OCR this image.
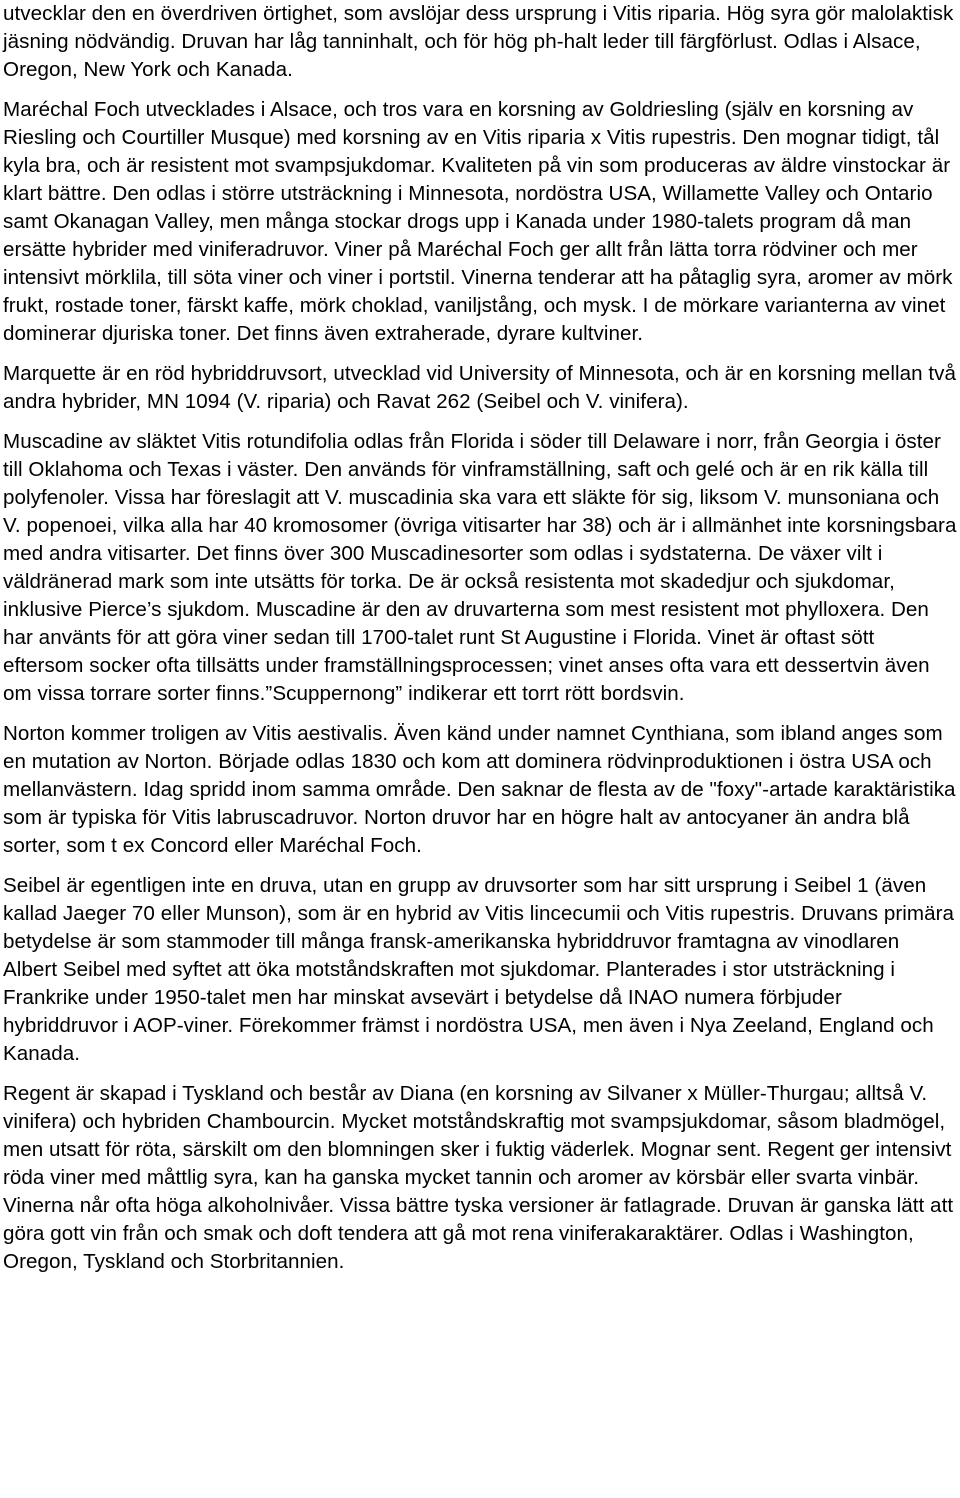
utvecklar den en överdriven örtighet, som avslöjar dess ursprung i Vitis riparia. Hög syra gör malolaktisk jäsning nödvändig. Druvan har låg tanninhalt, och för hög ph-halt leder till färgförlust. Odlas i Alsace, Oregon, New York och Kanada.

Maréchal Foch utvecklades i Alsace, och tros vara en korsning av Goldriesling (själv en korsning av Riesling och Courtiller Musque) med korsning av en Vitis riparia x Vitis rupestris. Den mognar tidigt, tål kyla bra, och är resistent mot svampsjukdomar. Kvaliteten på vin som produceras av äldre vinstockar är klart bättre. Den odlas i större utsträckning i Minnesota, nordöstra USA, Willamette Valley och Ontario samt Okanagan Valley, men många stockar drogs upp i Kanada under 1980-talets program då man ersätte hybrider med viniferadruvor. Viner på Maréchal Foch ger allt från lätta torra rödviner och mer intensivt mörklila, till söta viner och viner i portstil. Vinerna tenderar att ha påtaglig syra, aromer av mörk frukt, rostade toner, färskt kaffe, mörk choklad, vaniljstång, och mysk. I de mörkare varianterna av vinet dominerar djuriska toner. Det finns även extraherade, dyrare kultviner.

Marquette är en röd hybriddruvsort, utvecklad vid University of Minnesota, och är en korsning mellan två andra hybrider, MN 1094 (V. riparia) och Ravat 262 (Seibel och V. vinifera).

Muscadine av släktet Vitis rotundifolia odlas från Florida i söder till Delaware i norr, från Georgia i öster till Oklahoma och Texas i väster. Den används för vinframställning, saft och gelé och är en rik källa till polyfenoler. Vissa har föreslagit att V. muscadinia ska vara ett släkte för sig, liksom V. munsoniana och V. popenoei, vilka alla har 40 kromosomer (övriga vitisarter har 38) och är i allmänhet inte korsningsbara med andra vitisarter. Det finns över 300 Muscadinesorter som odlas i sydstaterna. De växer vilt i väldränerad mark som inte utsätts för torka. De är också resistenta mot skadedjur och sjukdomar, inklusive Pierce’s sjukdom. Muscadine är den av druvarterna som mest resistent mot phylloxera. Den har använts för att göra viner sedan till 1700-talet runt St Augustine i Florida. Vinet är oftast sött eftersom socker ofta tillsätts under framställningsprocessen; vinet anses ofta vara ett dessertvin även om vissa torrare sorter finns.”Scuppernong” indikerar ett torrt rött bordsvin.

Norton kommer troligen av Vitis aestivalis. Även känd under namnet Cynthiana, som ibland anges som en mutation av Norton. Började odlas 1830 och kom att dominera rödvinproduktionen i östra USA och mellanvästern. Idag spridd inom samma område. Den saknar de flesta av de "foxy"-artade karaktäristika som är typiska för Vitis labruscadruvor. Norton druvor har en högre halt av antocyaner än andra blå sorter, som t ex Concord eller Maréchal Foch.

Seibel är egentligen inte en druva, utan en grupp av druvsorter som har sitt ursprung i Seibel 1 (även kallad Jaeger 70 eller Munson), som är en hybrid av Vitis lincecumii och Vitis rupestris. Druvans primära betydelse är som stammoder till många fransk-amerikanska hybriddruvor framtagna av vinodlaren Albert Seibel med syftet att öka motståndskraften mot sjukdomar. Planterades i stor utsträckning i Frankrike under 1950-talet men har minskat avsevärt i betydelse då INAO numera förbjuder hybriddruvor i AOP-viner. Förekommer främst i nordöstra USA, men även i Nya Zeeland, England och Kanada.

Regent är skapad i Tyskland och består av Diana (en korsning av Silvaner x Müller-Thurgau; alltså V. vinifera) och hybriden Chambourcin. Mycket motståndskraftig mot svampsjukdomar, såsom bladmögel, men utsatt för röta, särskilt om den blomningen sker i fuktig väderlek. Mognar sent. Regent ger intensivt röda viner med måttlig syra, kan ha ganska mycket tannin och aromer av körsbär eller svarta vinbär. Vinerna når ofta höga alkoholnivåer. Vissa bättre tyska versioner är fatlagrade. Druvan är ganska lätt att göra gott vin från och smak och doft tendera att gå mot rena viniferakaraktärer. Odlas i Washington, Oregon, Tyskland och Storbritannien.
